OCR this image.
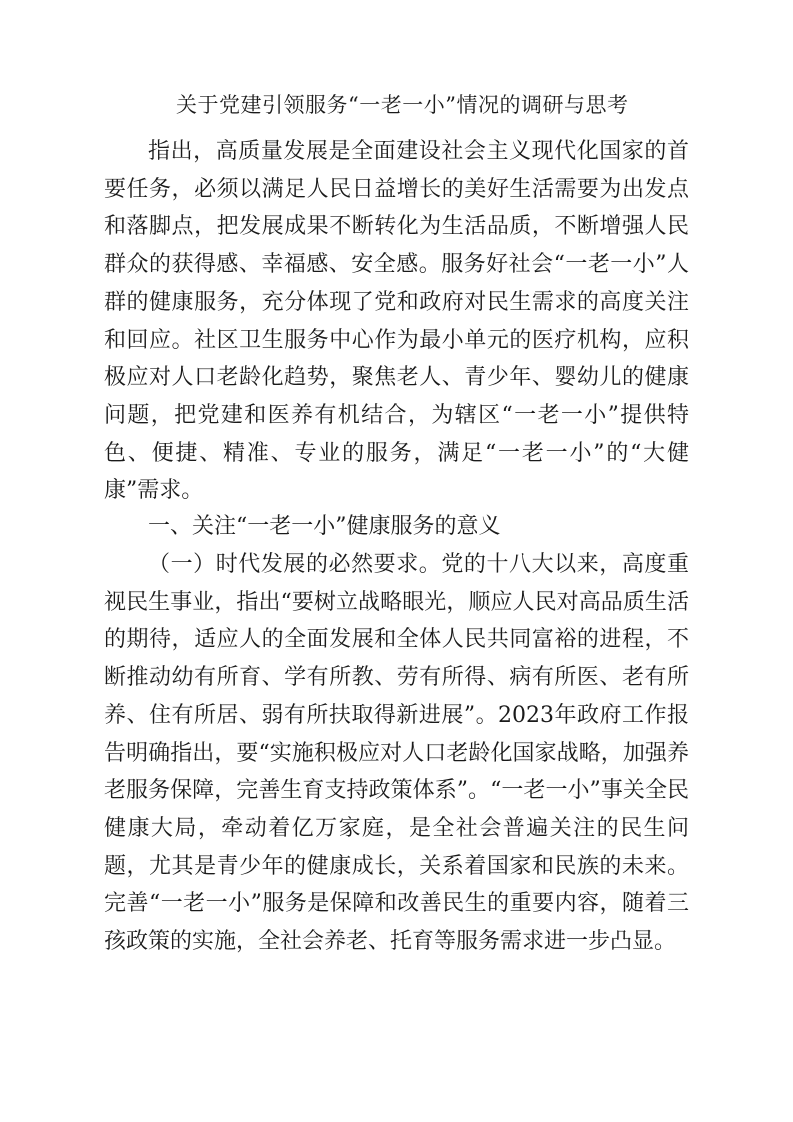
关于党建引领服务“一老一小”情况的调研与思考

指出，高质量发展是全面建设社会主义现代化国家的首要任务，必须以满足人民日益增长的美好生活需要为出发点和落脚点，把发展成果不断转化为生活品质，不断增强人民群众的获得感、幸福感、安全感。服务好社会“一老一小”人群的健康服务，充分体现了党和政府对民生需求的高度关注和回应。社区卫生服务中心作为最小单元的医疗机构，应积极应对人口老龄化趋势，聚焦老人、青少年、婴幼儿的健康问题，把党建和医养有机结合，为辖区“一老一小”提供特色、便捷、精准、专业的服务，满足“一老一小”的“大健康”需求。

一、关注“一老一小”健康服务的意义

（一）时代发展的必然要求。党的十八大以来，高度重视民生事业，指出“要树立战略眼光，顺应人民对高品质生活的期待，适应人的全面发展和全体人民共同富裕的进程，不断推动幼有所育、学有所教、劳有所得、病有所医、老有所养、住有所居、弱有所扶取得新进展”。2023年政府工作报告明确指出，要“实施积极应对人口老龄化国家战略，加强养老服务保障，完善生育支持政策体系”。“一老一小”事关全民健康大局，牵动着亿万家庭，是全社会普遍关注的民生问题，尤其是青少年的健康成长，关系着国家和民族的未来。完善“一老一小”服务是保障和改善民生的重要内容，随着三孩政策的实施，全社会养老、托育等服务需求进一步凸显。
